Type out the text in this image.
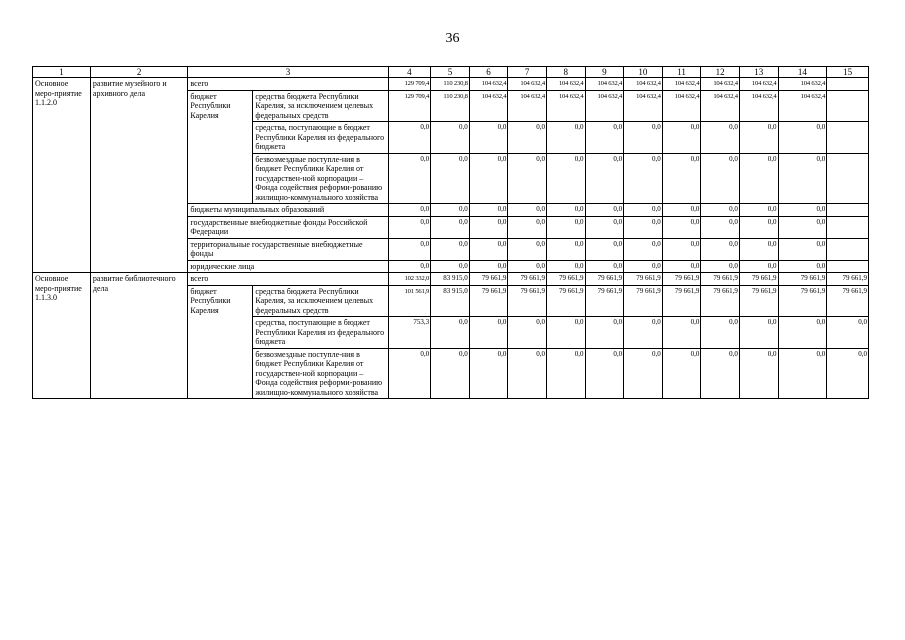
36
1	2	3		4	5	6	7	8	9	10	11	12	13	14	15
Основное меро-приятие 1.1.2.0	развитие музейного и архивного дела	всего		129 709,4	110 230,8	104 632,4	104 632,4	104 632,4	104 632,4	104 632,4	104 632,4	104 632,4	104 632,4	104 632,4	
		бюджет Республики Карелия	средства бюджета Республики Карелия, за исключением целевых федеральных средств	129 709,4	110 230,8	104 632,4	104 632,4	104 632,4	104 632,4	104 632,4	104 632,4	104 632,4	104 632,4	104 632,4	
			средства, поступающие в бюджет Республики Карелия из федерального бюджета	0,0	0,0	0,0	0,0	0,0	0,0	0,0	0,0	0,0	0,0	0,0	
			безвозмездные поступле-ния в бюджет Республики Карелия от государствен-ной корпорации – Фонда содействия реформи-рованию жилищно-коммунального хозяйства	0,0	0,0	0,0	0,0	0,0	0,0	0,0	0,0	0,0	0,0	0,0	
		бюджеты муниципальных образований		0,0	0,0	0,0	0,0	0,0	0,0	0,0	0,0	0,0	0,0	0,0	
		государственные внебюджетные фонды Российской Федерации		0,0	0,0	0,0	0,0	0,0	0,0	0,0	0,0	0,0	0,0	0,0	
		территориальные государственные внебюджетные фонды		0,0	0,0	0,0	0,0	0,0	0,0	0,0	0,0	0,0	0,0	0,0	
		юридические лица		0,0	0,0	0,0	0,0	0,0	0,0	0,0	0,0	0,0	0,0	0,0	
Основное меро-приятие 1.1.3.0	развитие библиотечного дела	всего		102 332,0	83 915,0	79 661,9	79 661,9	79 661,9	79 661,9	79 661,9	79 661,9	79 661,9	79 661,9	79 661,9	79 661,9
		бюджет Республики Карелия	средства бюджета Республики Карелия, за исключением целевых федеральных средств	101 561,9	83 915,0	79 661,9	79 661,9	79 661,9	79 661,9	79 661,9	79 661,9	79 661,9	79 661,9	79 661,9	79 661,9
			средства, поступающие в бюджет Республики Карелия из федерального бюджета	753,3	0,0	0,0	0,0	0,0	0,0	0,0	0,0	0,0	0,0	0,0	0,0
			безвозмездные поступле-ния в бюджет Республики Карелия от государствен-ной корпорации – Фонда содействия реформи-рованию жилищно-коммунального хозяйства	0,0	0,0	0,0	0,0	0,0	0,0	0,0	0,0	0,0	0,0	0,0	0,0
